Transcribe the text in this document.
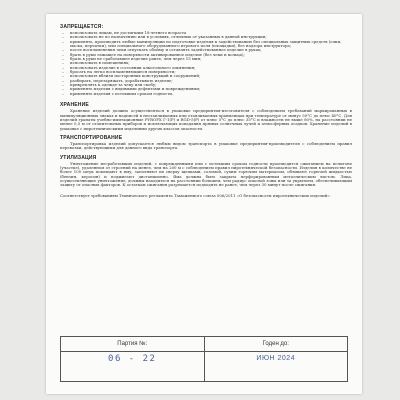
ЗАПРЕЩАЕТСЯ:
– использовать лицам, не достигшим 18-летнего возраста
– использовать не по назначению или в условиях, отличных от указанных в данной инструкции;
– применять, производить любые манипуляции по подготовке изделия к задействованию без специальных защитных средств (очки, маска, перчатки), или специального оборудованного игрового поля (площадки), без надзора инструктора;
– после воспламенения чеки отпускать обойму и оставлять задействованное изделие в руках;
– брать в руки лежащее на поверхности активированное изделие (без чеки и кольца);
– брать в руки не сработавшее изделие ранее, чем через 15 мин;
– использовать в помещениях;
– использовать изделие в состоянии алкогольного опьянения;
– бросать на легко воспламеняющиеся поверхности;
– использовать вблизи посторонних конструкций и сооружений;
– разбирать, перезаряжать, дорабатывать изделие;
– прикреплять к одежде за чеку или скобу;
– применять изделия с видимыми дефектами и повреждениями;
– применять изделия с истекшим сроком годности.
ХРАНЕНИЕ

Хранение изделий должно осуществляться в упаковке предприятия-изготовителя с соблюдением требований маркированных в манипуляционных знаках и надписей в неотапливаемых или отапливаемых хранилищах при температуре от минус 50°С до плюс 40°С. Для изделий гранаты учебно-имитационные PYROFX Г-1(Р) и RGD-5(Р) от плюс 5°С до плюс 35°С и влажности не выше 80%, на расстоянии не менее 0,5 м от отопительных приборов и исключающих попадания прямых солнечных лучей и атмосферных осадков. Хранение изделий в упаковке с пиротехническими изделиями других классов опасности.

ТРАНСПОРТИРОВАНИЕ

Транспортировка изделий допускается любым видом транспорта в упаковке предприятия-производителя с соблюдением правил перевозки, действующими для данного вида транспорта.

УТИЛИЗАЦИЯ

Уничтожение несработавших изделий, с поврежденными или с истекшим сроком годности производится сжиганием на полигоне (участке), удаленном от строений на менее, чем на 200 м с соблюдением правил пиротехнической безопасности. Изделия в количестве не более 100 штук помещают в яму, заполняют их сверху щепками, соломой, сухим горючим материалом, обливают горючей жидкостью (бензин, керосин) и поджигают дистанционно. Яма должна быть закрыта перфорированным металлическим листом. Лица, осуществляющие уничтожение, должны находиться на расстоянии большем, чем радиус опасной зоны или за укрытием, обеспечивающим защиту от опасных факторов. К остаткам сжигания разрешается подходить не ранее, чем через 30 минут после сжигания.

Соответствует требованиям Технического регламента Таможенного союза 006/2011 «О безопасности пиротехнических изделий».

Партия №:
06 - 22
Годен до:
ИЮН 2024
